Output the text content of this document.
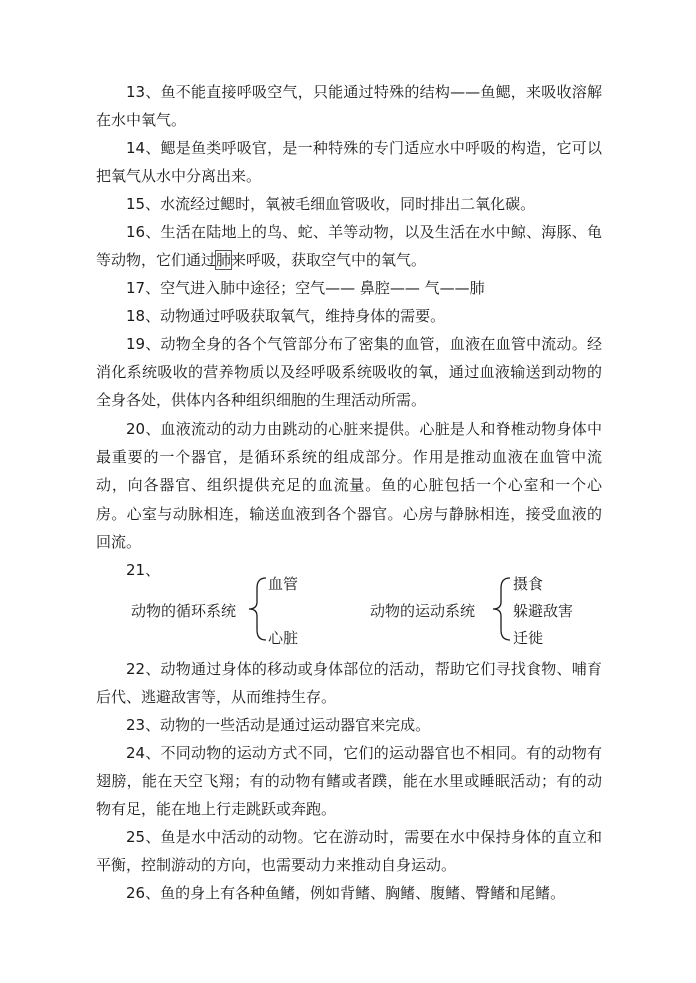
13、鱼不能直接呼吸空气，只能通过特殊的结构——鱼鳃，来吸收溶解在水中氧气。

14、鳃是鱼类呼吸官，是一种特殊的专门适应水中呼吸的构造，它可以把氧气从水中分离出来。

15、水流经过鳃时，氧被毛细血管吸收，同时排出二氧化碳。

16、生活在陆地上的鸟、蛇、羊等动物，以及生活在水中鲸、海豚、龟等动物，它们通过肺来呼吸，获取空气中的氧气。

17、空气进入肺中途径；空气—— 鼻腔—— 气——肺

18、动物通过呼吸获取氧气，维持身体的需要。

19、动物全身的各个气管部分布了密集的血管，血液在血管中流动。经消化系统吸收的营养物质以及经呼吸系统吸收的氧，通过血液输送到动物的全身各处，供体内各种组织细胞的生理活动所需。

20、血液流动的动力由跳动的心脏来提供。心脏是人和脊椎动物身体中最重要的一个器官，是循环系统的组成部分。作用是推动血液在血管中流动，向各器官、组织提供充足的血流量。鱼的心脏包括一个心室和一个心房。心室与动脉相连，输送血液到各个器官。心房与静脉相连，接受血液的回流。

21、

动物的循环系统
血管
心脏
动物的运动系统
摄食
躲避敌害
迁徙

22、动物通过身体的移动或身体部位的活动，帮助它们寻找食物、哺育后代、逃避敌害等，从而维持生存。

23、动物的一些活动是通过运动器官来完成。

24、不同动物的运动方式不同，它们的运动器官也不相同。有的动物有翅膀，能在天空飞翔；有的动物有鳍或者蹼，能在水里或睡眠活动；有的动物有足，能在地上行走跳跃或奔跑。

25、鱼是水中活动的动物。它在游动时，需要在水中保持身体的直立和平衡，控制游动的方向，也需要动力来推动自身运动。

26、鱼的身上有各种鱼鳍，例如背鳍、胸鳍、腹鳍、臀鳍和尾鳍。
